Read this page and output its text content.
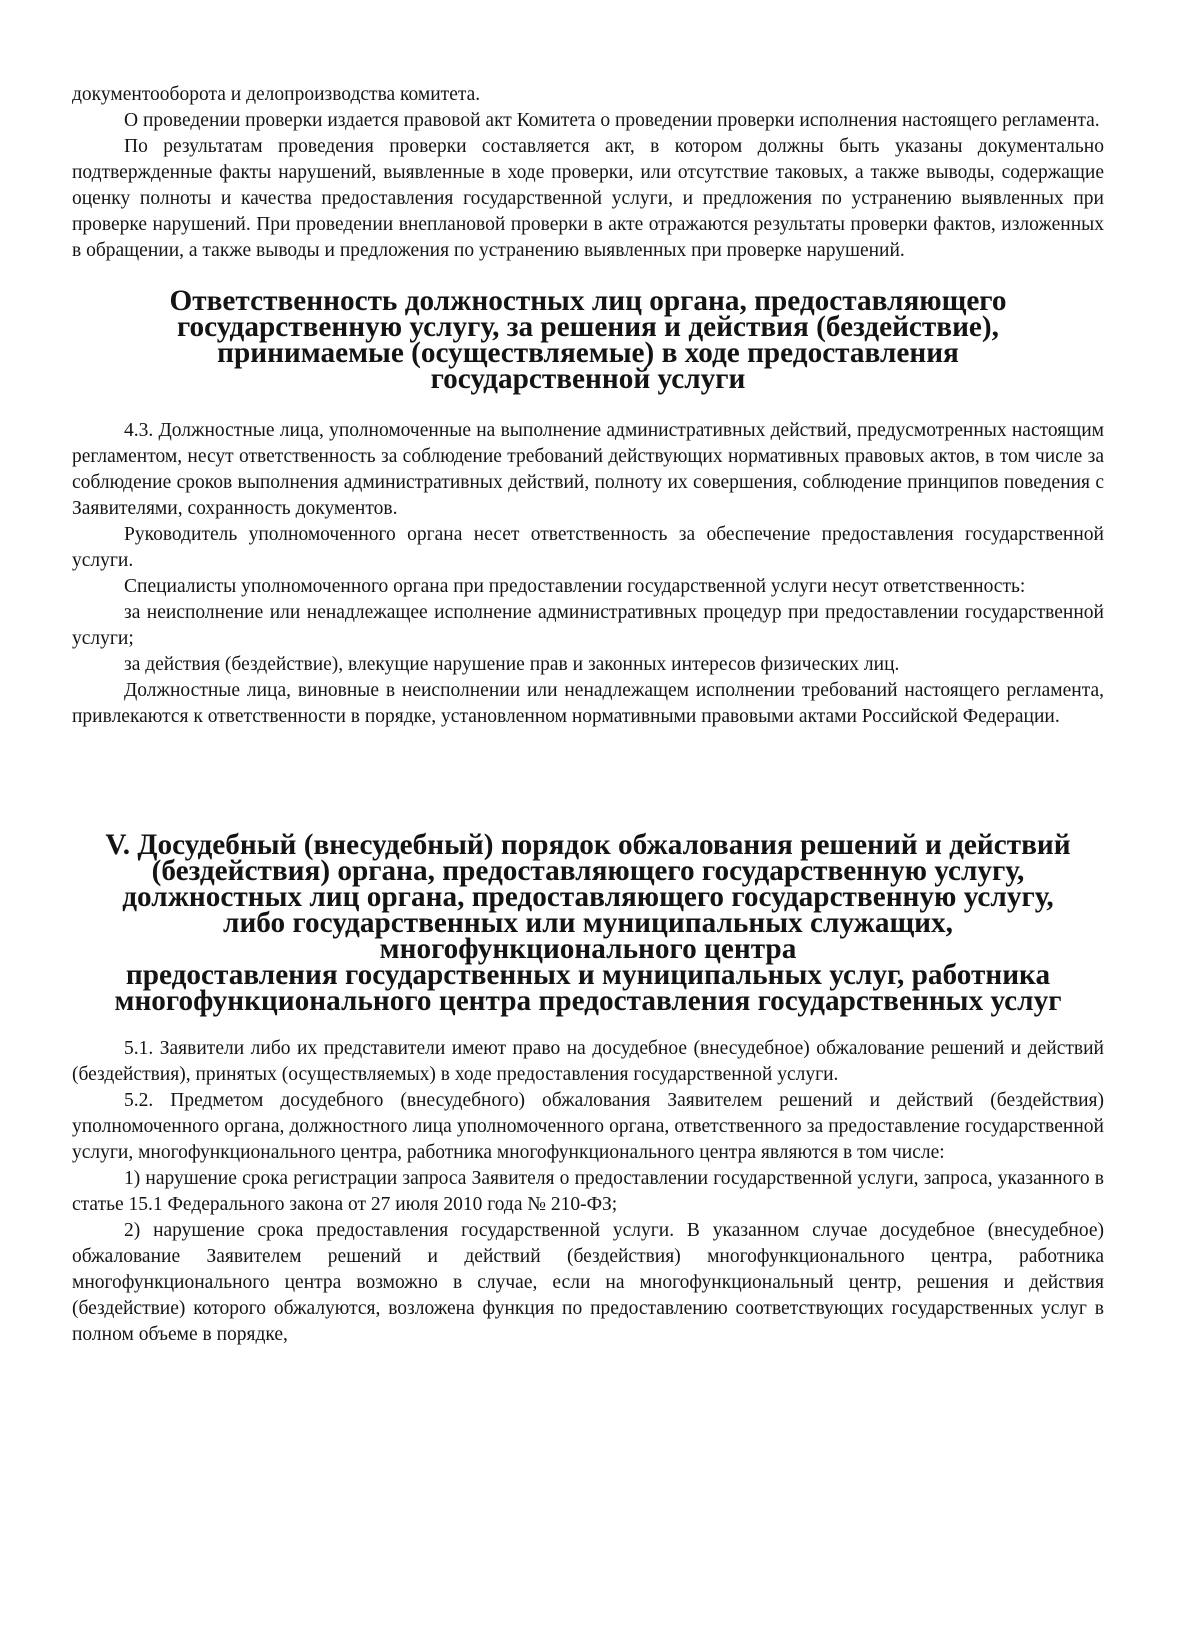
документооборота и делопроизводства комитета.

О проведении проверки издается правовой акт Комитета о проведении проверки исполнения настоящего регламента.

По результатам проведения проверки составляется акт, в котором должны быть указаны документально подтвержденные факты нарушений, выявленные в ходе проверки, или отсутствие таковых, а также выводы, содержащие оценку полноты и качества предоставления государственной услуги, и предложения по устранению выявленных при проверке нарушений. При проведении внеплановой проверки в акте отражаются результаты проверки фактов, изложенных в обращении, а также выводы и предложения по устранению выявленных при проверке нарушений.

Ответственность должностных лиц органа, предоставляющего
государственную услугу, за решения и действия (бездействие),
принимаемые (осуществляемые) в ходе предоставления
государственной услуги

4.3. Должностные лица, уполномоченные на выполнение административных действий, предусмотренных настоящим регламентом, несут ответственность за соблюдение требований действующих нормативных правовых актов, в том числе за соблюдение сроков выполнения административных действий, полноту их совершения, соблюдение принципов поведения с Заявителями, сохранность документов.

Руководитель уполномоченного органа несет ответственность за обеспечение предоставления государственной услуги.

Специалисты уполномоченного органа при предоставлении государственной услуги несут ответственность:

за неисполнение или ненадлежащее исполнение административных процедур при предоставлении государственной услуги;

за действия (бездействие), влекущие нарушение прав и законных интересов физических лиц.

Должностные лица, виновные в неисполнении или ненадлежащем исполнении требований настоящего регламента, привлекаются к ответственности в порядке, установленном нормативными правовыми актами Российской Федерации.

V. Досудебный (внесудебный) порядок обжалования решений и действий
(бездействия) органа, предоставляющего государственную услугу,
должностных лиц органа, предоставляющего государственную услугу,
либо государственных или муниципальных служащих, многофункционального центра
предоставления государственных и муниципальных услуг, работника
многофункционального центра предоставления государственных услуг

5.1. Заявители либо их представители имеют право на досудебное (внесудебное) обжалование решений и действий (бездействия), принятых (осуществляемых) в ходе предоставления государственной услуги.

5.2. Предметом досудебного (внесудебного) обжалования Заявителем решений и действий (бездействия) уполномоченного органа, должностного лица уполномоченного органа, ответственного за предоставление государственной услуги, многофункционального центра, работника многофункционального центра являются в том числе:

1) нарушение срока регистрации запроса Заявителя о предоставлении государственной услуги, запроса, указанного в статье 15.1 Федерального закона от 27 июля 2010 года № 210-ФЗ;

2) нарушение срока предоставления государственной услуги. В указанном случае досудебное (внесудебное) обжалование Заявителем решений и действий (бездействия) многофункционального центра, работника многофункционального центра возможно в случае, если на многофункциональный центр, решения и действия (бездействие) которого обжалуются, возложена функция по предоставлению соответствующих государственных услуг в полном объеме в порядке,
